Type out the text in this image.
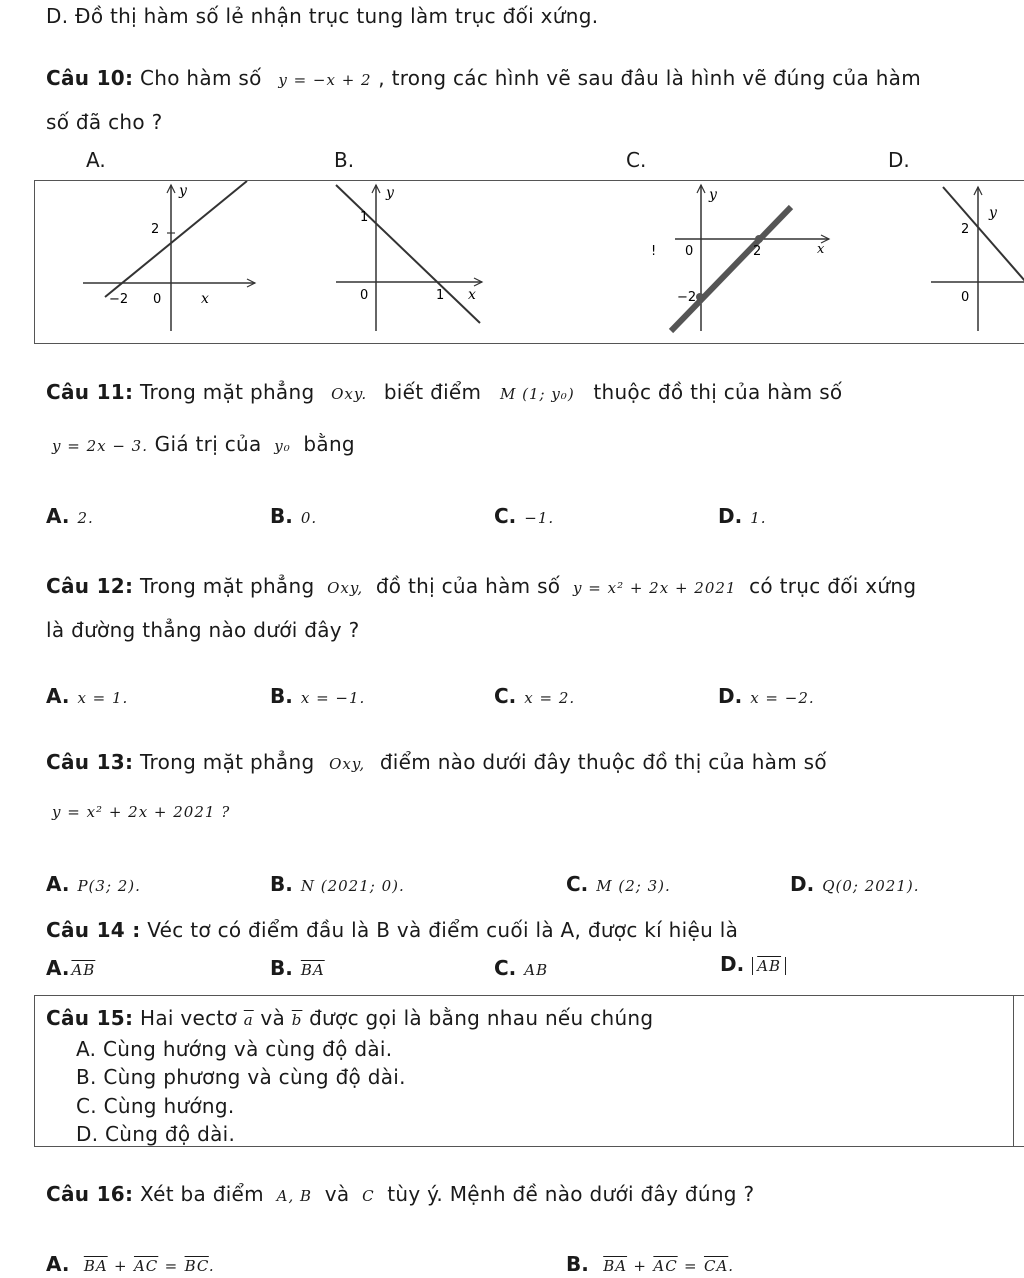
D. Đồ thị hàm số lẻ nhận trục tung làm trục đối xứng.
Câu 10: Cho hàm số y = −x + 2 , trong các hình vẽ sau đâu là hình vẽ đúng của hàm
số đã cho ?
A.	B.	C.	D.
y
x
−2 0
2
y
x
1
0
1
y
x
2
0
−2
!
y
0
2
Câu 11: Trong mặt phẳng Oxy. biết điểm M (1; y₀) thuộc đồ thị của hàm số
y = 2x − 3. Giá trị của y₀ bằng
A. 2.	B. 0.	C. −1.	D. 1.
Câu 12: Trong mặt phẳng Oxy, đồ thị của hàm số y = x² + 2x + 2021 có trục đối xứng
là đường thẳng nào dưới đây ?
A. x = 1.	B. x = −1.	C. x = 2.	D. x = −2.
Câu 13: Trong mặt phẳng Oxy, điểm nào dưới đây thuộc đồ thị của hàm số
y = x² + 2x + 2021 ?
A. P(3; 2).	B. N (2021; 0).	C. M (2; 3).	D. Q(0; 2021).
Câu 14 : Véc tơ có điểm đầu là B và điểm cuối là A, được kí hiệu là
A. $\overline{AB}$	B. $\overline{BA}$	C. AB	D. $\overline{AB}$
Câu 15: Hai vectơ $\overline{a}$ và $\overline{b}$ được gọi là bằng nhau nếu chúng
A. Cùng hướng và cùng độ dài.
B. Cùng phương và cùng độ dài.
C. Cùng hướng.
D. Cùng độ dài.
Câu 16: Xét ba điểm A, B và C tùy ý. Mệnh đề nào dưới đây đúng ?
A. $\overline{BA} + \overline{AC} = \overline{BC}$.	B. $\overline{BA} + \overline{AC} = \overline{CA}$.
